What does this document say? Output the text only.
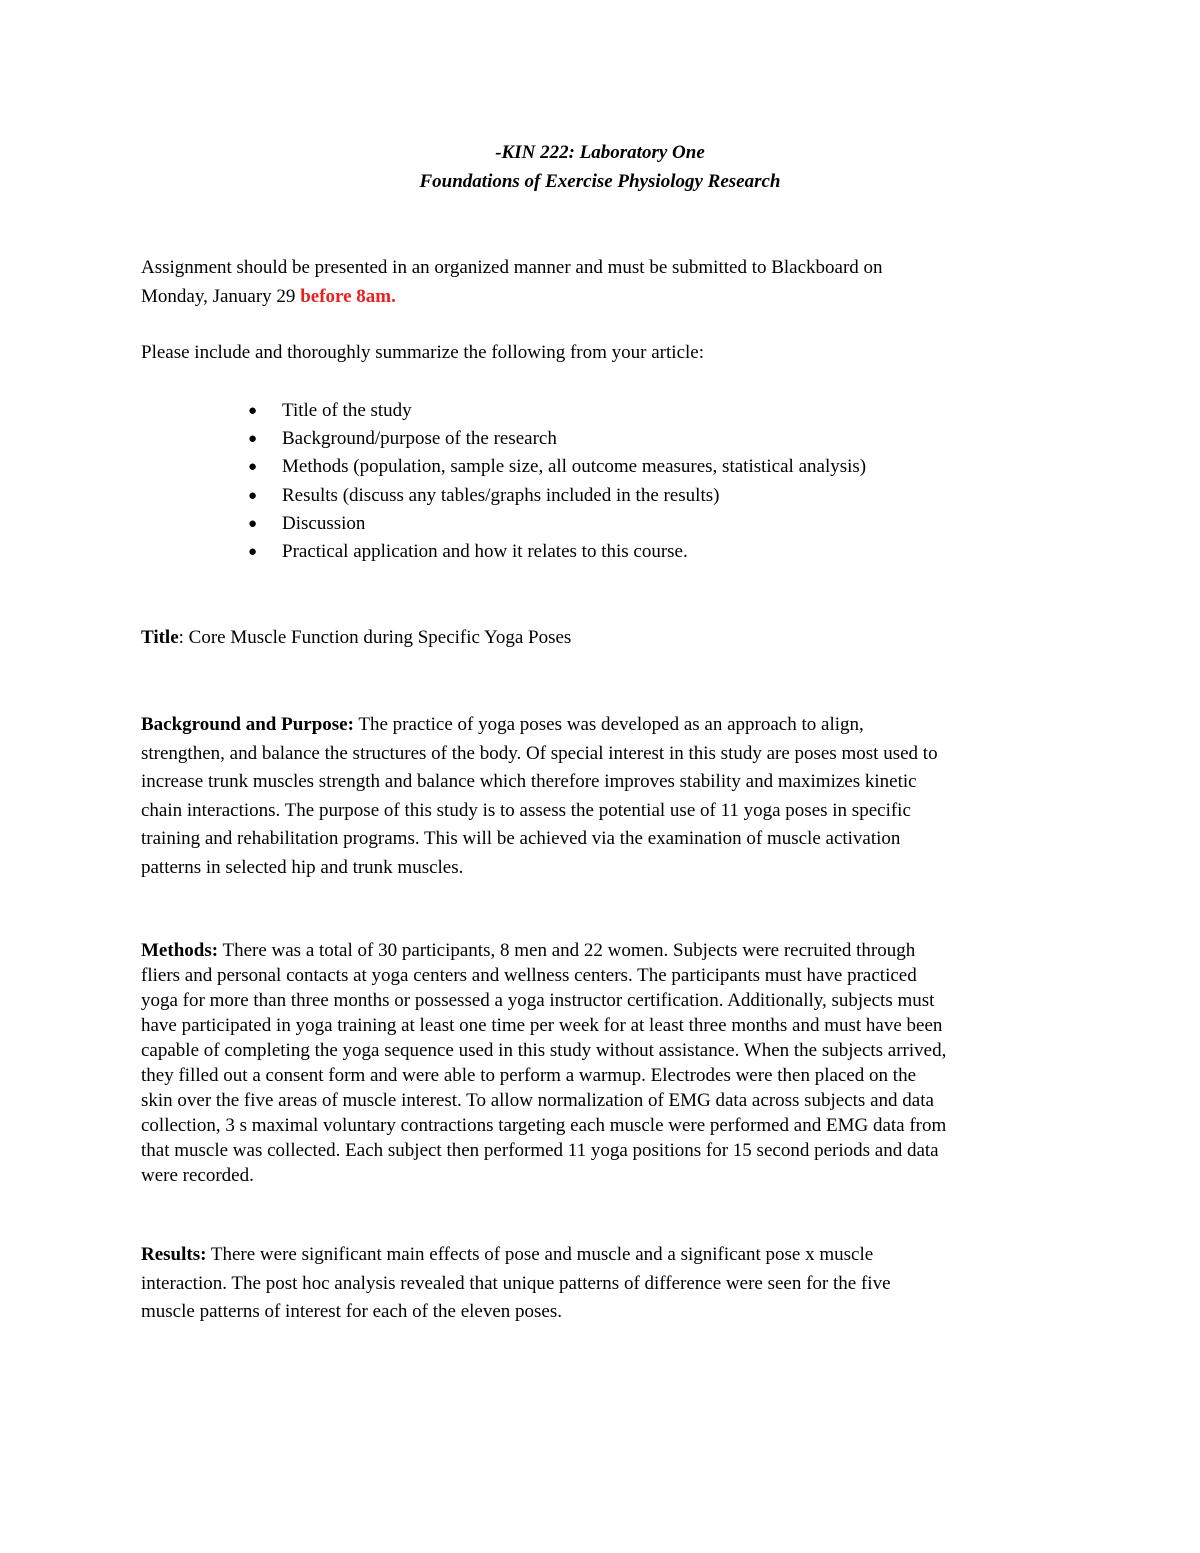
-KIN 222: Laboratory One

Foundations of Exercise Physiology Research

Assignment should be presented in an organized manner and must be submitted to Blackboard on

Monday, January 29 before 8am.

Please include and thoroughly summarize the following from your article:

● Title of the study
● Background/purpose of the research
● Methods (population, sample size, all outcome measures, statistical analysis)
● Results (discuss any tables/graphs included in the results)
● Discussion
● Practical application and how it relates to this course.

Title: Core Muscle Function during Specific Yoga Poses

Background and Purpose: The practice of yoga poses was developed as an approach to align,
strengthen, and balance the structures of the body. Of special interest in this study are poses most used to
increase trunk muscles strength and balance which therefore improves stability and maximizes kinetic
chain interactions. The purpose of this study is to assess the potential use of 11 yoga poses in specific
training and rehabilitation programs. This will be achieved via the examination of muscle activation
patterns in selected hip and trunk muscles.
Methods: There was a total of 30 participants, 8 men and 22 women. Subjects were recruited through
fliers and personal contacts at yoga centers and wellness centers. The participants must have practiced
yoga for more than three months or possessed a yoga instructor certification. Additionally, subjects must
have participated in yoga training at least one time per week for at least three months and must have been
capable of completing the yoga sequence used in this study without assistance. When the subjects arrived,
they filled out a consent form and were able to perform a warmup. Electrodes were then placed on the
skin over the five areas of muscle interest. To allow normalization of EMG data across subjects and data
collection, 3 s maximal voluntary contractions targeting each muscle were performed and EMG data from
that muscle was collected. Each subject then performed 11 yoga positions for 15 second periods and data
were recorded.
Results: There were significant main effects of pose and muscle and a significant pose x muscle
interaction. The post hoc analysis revealed that unique patterns of difference were seen for the five
muscle patterns of interest for each of the eleven poses.
